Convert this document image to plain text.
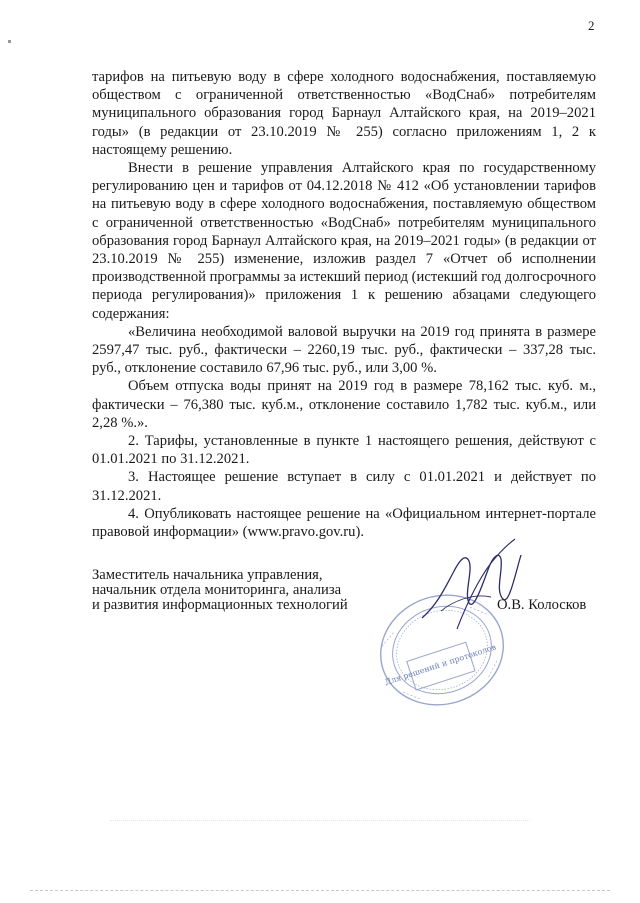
2

тарифов на питьевую воду в сфере холодного водоснабжения, поставляемую обществом с ограниченной ответственностью «ВодСнаб» потребителям муниципального образования город Барнаул Алтайского края, на 2019–2021 годы» (в редакции от 23.10.2019 № 255) согласно приложениям 1, 2 к настоящему решению.

Внести в решение управления Алтайского края по государственному регулированию цен и тарифов от 04.12.2018 № 412 «Об установлении тарифов на питьевую воду в сфере холодного водоснабжения, поставляемую обществом с ограниченной ответственностью «ВодСнаб» потребителям муниципального образования город Барнаул Алтайского края, на 2019–2021 годы» (в редакции от 23.10.2019 № 255) изменение, изложив раздел 7 «Отчет об исполнении производственной программы за истекший период (истекший год долгосрочного периода регулирования)» приложения 1 к решению абзацами следующего содержания:

«Величина необходимой валовой выручки на 2019 год принята в размере 2597,47 тыс. руб., фактически – 2260,19 тыс. руб., фактически – 337,28 тыс. руб., отклонение составило 67,96 тыс. руб., или 3,00 %.

Объем отпуска воды принят на 2019 год в размере 78,162 тыс. куб. м., фактически – 76,380 тыс. куб.м., отклонение составило 1,782 тыс. куб.м., или 2,28 %.».

2. Тарифы, установленные в пункте 1 настоящего решения, действуют с 01.01.2021 по 31.12.2021.

3. Настоящее решение вступает в силу с 01.01.2021 и действует по 31.12.2021.

4. Опубликовать настоящее решение на «Официальном интернет-портале правовой информации» (www.pravo.gov.ru).

Заместитель начальника управления,
начальник отдела мониторинга, анализа
и развития информационных технологий
Для решений и протоколов
О.В. Колосков
